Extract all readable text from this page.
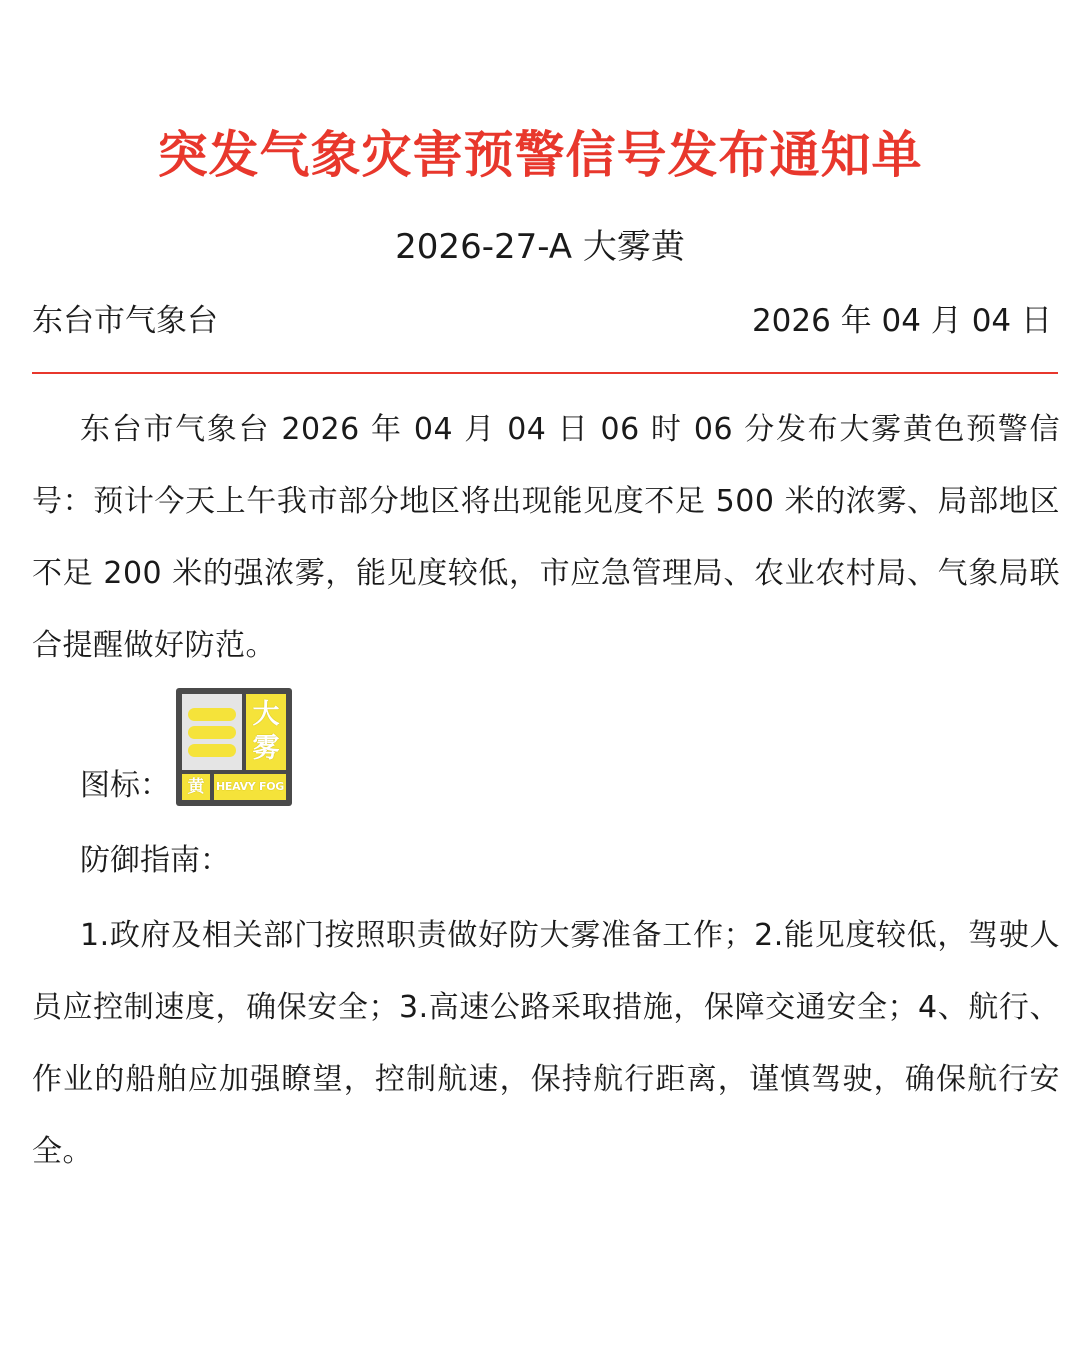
突发气象灾害预警信号发布通知单
2026-27-A 大雾黄
东台市气象台	2026 年 04 月 04 日

东台市气象台 2026 年 04 月 04 日 06 时 06 分发布大雾黄色预警信号：预计今天上午我市部分地区将出现能见度不足 500 米的浓雾、局部地区不足 200 米的强浓雾，能见度较低，市应急管理局、农业农村局、气象局联合提醒做好防范。

图标：
大
雾
黄	HEAVY FOG
防御指南：

1.政府及相关部门按照职责做好防大雾准备工作；2.能见度较低，驾驶人员应控制速度，确保安全；3.高速公路采取措施，保障交通安全；4、航行、作业的船舶应加强瞭望，控制航速，保持航行距离，谨慎驾驶，确保航行安全。
